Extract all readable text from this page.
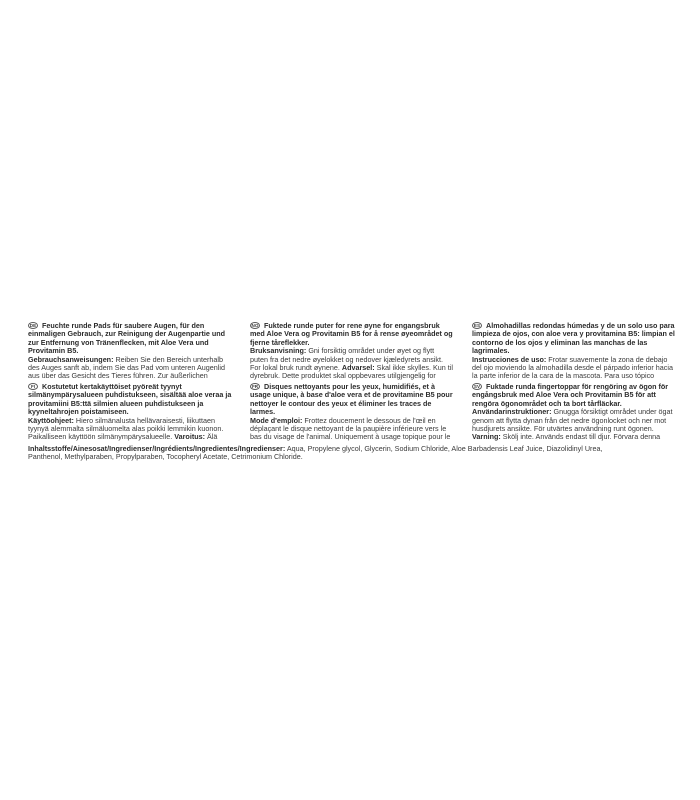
DE Feuchte runde Pads für saubere Augen, für den einmaligen Gebrauch, zur Reinigung der Augenpartie und zur Entfernung von Tränenflecken, mit Aloe Vera und Provitamin B5.
Gebrauchsanweisungen: Reiben Sie den Bereich unterhalb des Auges sanft ab, indem Sie das Pad vom unteren Augenlid aus über das Gesicht des Tieres führen. Zur äußerlichen

NO Fuktede runde puter for rene øyne for engangsbruk med Aloe Vera og Provitamin B5 for å rense øyeområdet og fjerne tåreflekker.
Bruksanvisning: Gni forsiktig området under øyet og flytt puten fra det nedre øyelokket og nedover kjæledyrets ansikt. For lokal bruk rundt øynene. Advarsel: Skal ikke skylles. Kun til dyrebruk. Dette produktet skal oppbevares utilgjengelig for
ES Almohadillas redondas húmedas y de un solo uso para limpieza de ojos, con aloe vera y provitamina B5: limpian el contorno de los ojos y eliminan las manchas de las lagrimales.
Instrucciones de uso: Frotar suavemente la zona de debajo del ojo moviendo la almohadilla desde el párpado inferior hacia la parte inferior de la cara de la mascota. Para uso tópico

FI Kostutetut kertakäyttöiset pyöreät tyynyt silmänympärysalueen puhdistukseen, sisältää aloe veraa ja provitamiini B5:ttä silmien alueen puhdistukseen ja kyyneltahrojen poistamiseen.
Käyttöohjeet: Hiero silmänalusta hellävaraisesti, liikuttaen tyynyä alemmalta silmäluomelta alas poikki lemmikin kuonon. Paikalliseen käyttöön silmänympärysalueelle. Varoitus: Älä
FR Disques nettoyants pour les yeux, humidifiés, et à usage unique, à base d'aloe vera et de provitamine B5 pour nettoyer le contour des yeux et éliminer les traces de larmes.
Mode d'emploi: Frottez doucement le dessous de l'œil en déplaçant le disque nettoyant de la paupière inférieure vers le bas du visage de l'animal. Uniquement à usage topique pour le

SV Fuktade runda fingertoppar för rengöring av ögon för engångsbruk med Aloe Vera och Provitamin B5 för att rengöra ögonområdet och ta bort tårfläckar.
Användarinstruktioner: Gnugga försiktigt området under ögat genom att flytta dynan från det nedre ögonlocket och ner mot husdjurets ansikte. För utvärtes användning runt ögonen. Varning: Skölj inte. Används endast till djur. Förvara denna
Inhaltsstoffe/Ainesosat/Ingredienser/Ingrédients/Ingredientes/Ingredienser: Aqua, Propylene glycol, Glycerin, Sodium Chloride, Aloe Barbadensis Leaf Juice, Diazolidinyl Urea, Panthenol, Methylparaben, Propylparaben, Tocopheryl Acetate, Cetrimonium Chloride.
